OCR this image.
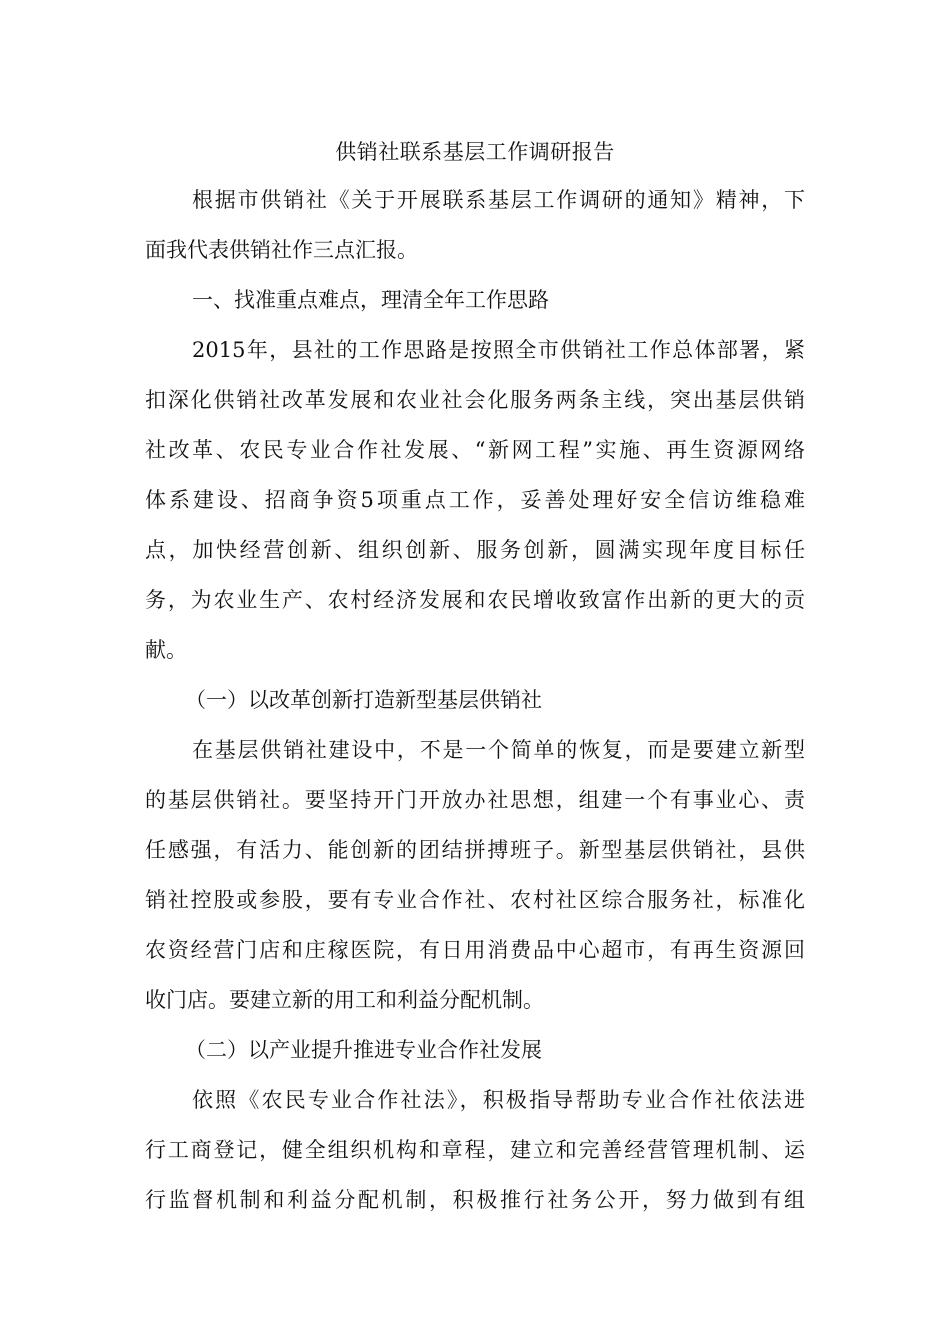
供销社联系基层工作调研报告
根据市供销社《关于开展联系基层工作调研的通知》精神，下
面我代表供销社作三点汇报。
一、找准重点难点，理清全年工作思路
2015年，县社的工作思路是按照全市供销社工作总体部署，紧
扣深化供销社改革发展和农业社会化服务两条主线，突出基层供销
社改革、农民专业合作社发展、“新网工程”实施、再生资源网络
体系建设、招商争资5项重点工作，妥善处理好安全信访维稳难
点，加快经营创新、组织创新、服务创新，圆满实现年度目标任
务，为农业生产、农村经济发展和农民增收致富作出新的更大的贡
献。
（一）以改革创新打造新型基层供销社
在基层供销社建设中，不是一个简单的恢复，而是要建立新型
的基层供销社。要坚持开门开放办社思想，组建一个有事业心、责
任感强，有活力、能创新的团结拼搏班子。新型基层供销社，县供
销社控股或参股，要有专业合作社、农村社区综合服务社，标准化
农资经营门店和庄稼医院，有日用消费品中心超市，有再生资源回
收门店。要建立新的用工和利益分配机制。
（二）以产业提升推进专业合作社发展
依照《农民专业合作社法》，积极指导帮助专业合作社依法进
行工商登记，健全组织机构和章程，建立和完善经营管理机制、运
行监督机制和利益分配机制，积极推行社务公开，努力做到有组
